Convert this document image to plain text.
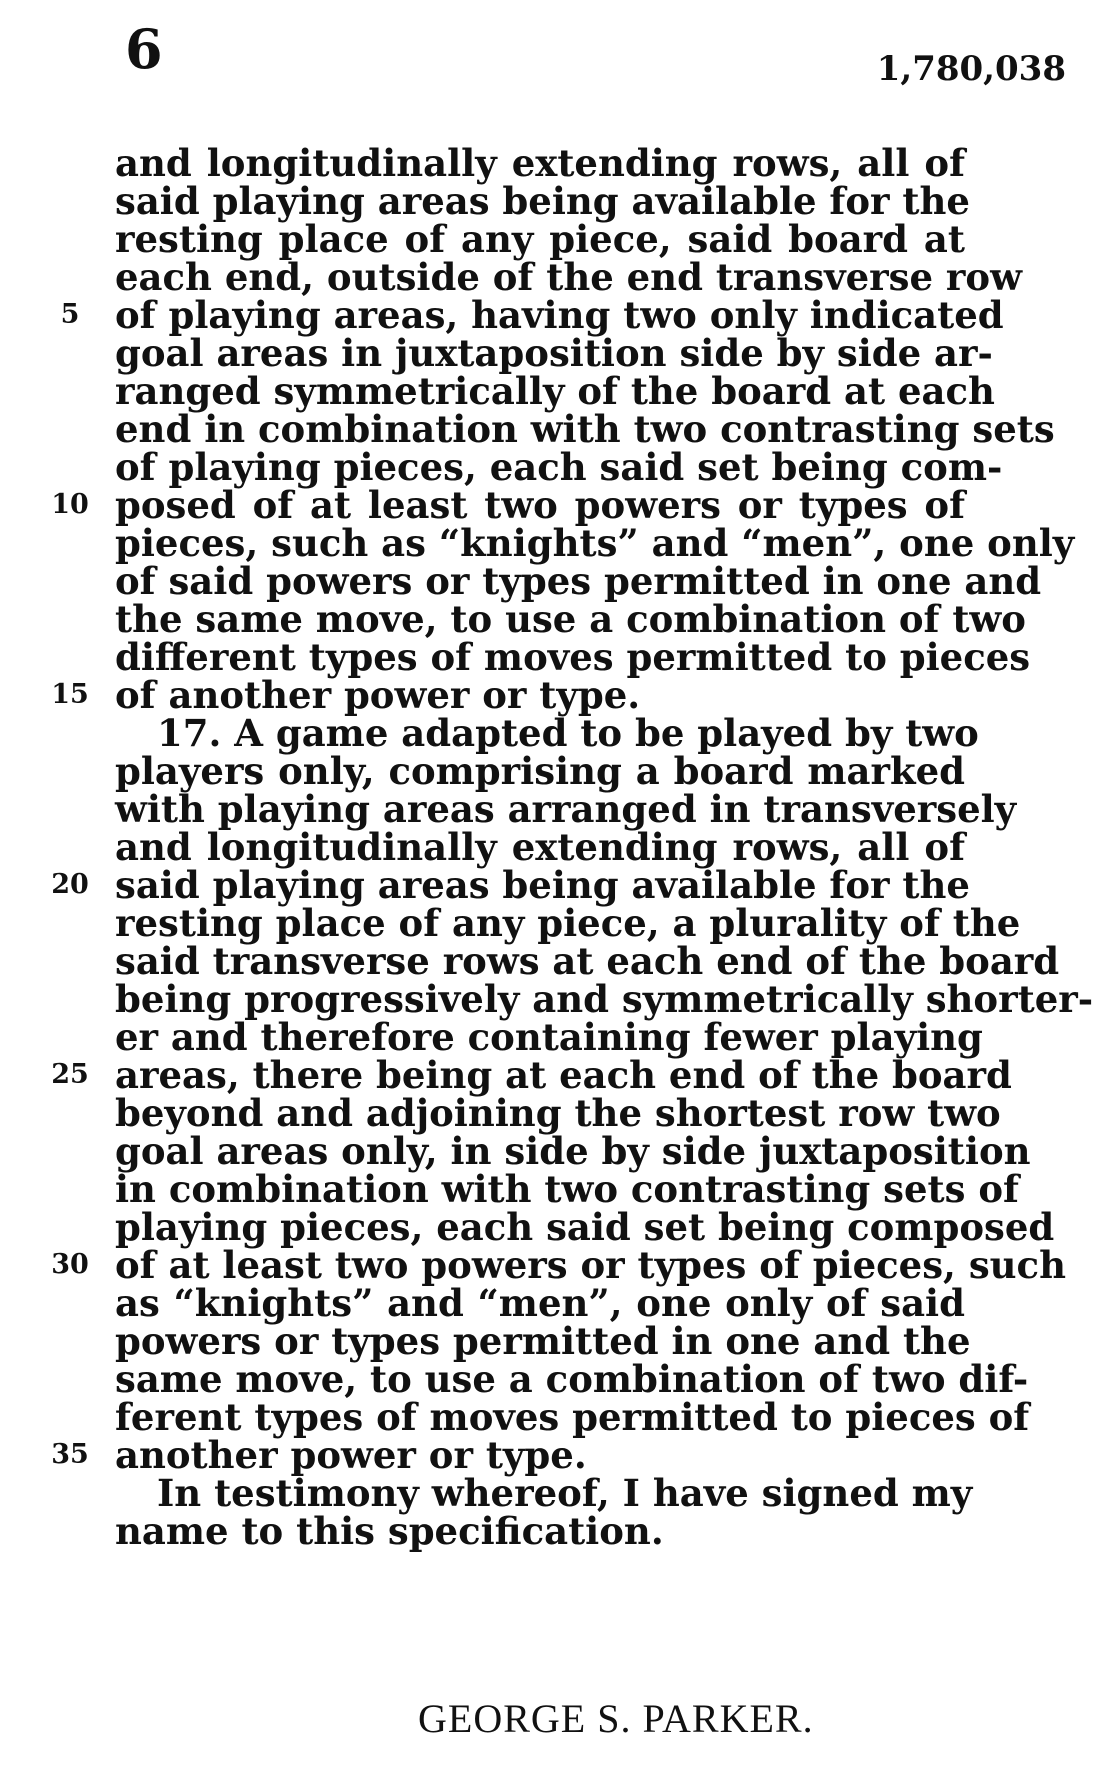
6	1,780,038
and longitudinally extending rows, all of
said playing areas being available for the
resting place of any piece, said board at
each end, outside of the end transverse row
of playing areas, having two only indicated
goal areas in juxtaposition side by side ar-
ranged symmetrically of the board at each
end in combination with two contrasting sets
of playing pieces, each said set being com-
posed of at least two powers or types of
pieces, such as “knights” and “men”, one only
of said powers or types permitted in one and
the same move, to use a combination of two
different types of moves permitted to pieces
of another power or type.
17. A game adapted to be played by two
players only, comprising a board marked
with playing areas arranged in transversely
and longitudinally extending rows, all of
said playing areas being available for the
resting place of any piece, a plurality of the
said transverse rows at each end of the board
being progressively and symmetrically shorter-
er and therefore containing fewer playing
areas, there being at each end of the board
beyond and adjoining the shortest row two
goal areas only, in side by side juxtaposition
in combination with two contrasting sets of
playing pieces, each said set being composed
of at least two powers or types of pieces, such
as “knights” and “men”, one only of said
powers or types permitted in one and the
same move, to use a combination of two dif-
ferent types of moves permitted to pieces of
another power or type.
In testimony whereof, I have signed my
name to this specification.
5
10
15
20
25
30
35
GEORGE S. PARKER.
